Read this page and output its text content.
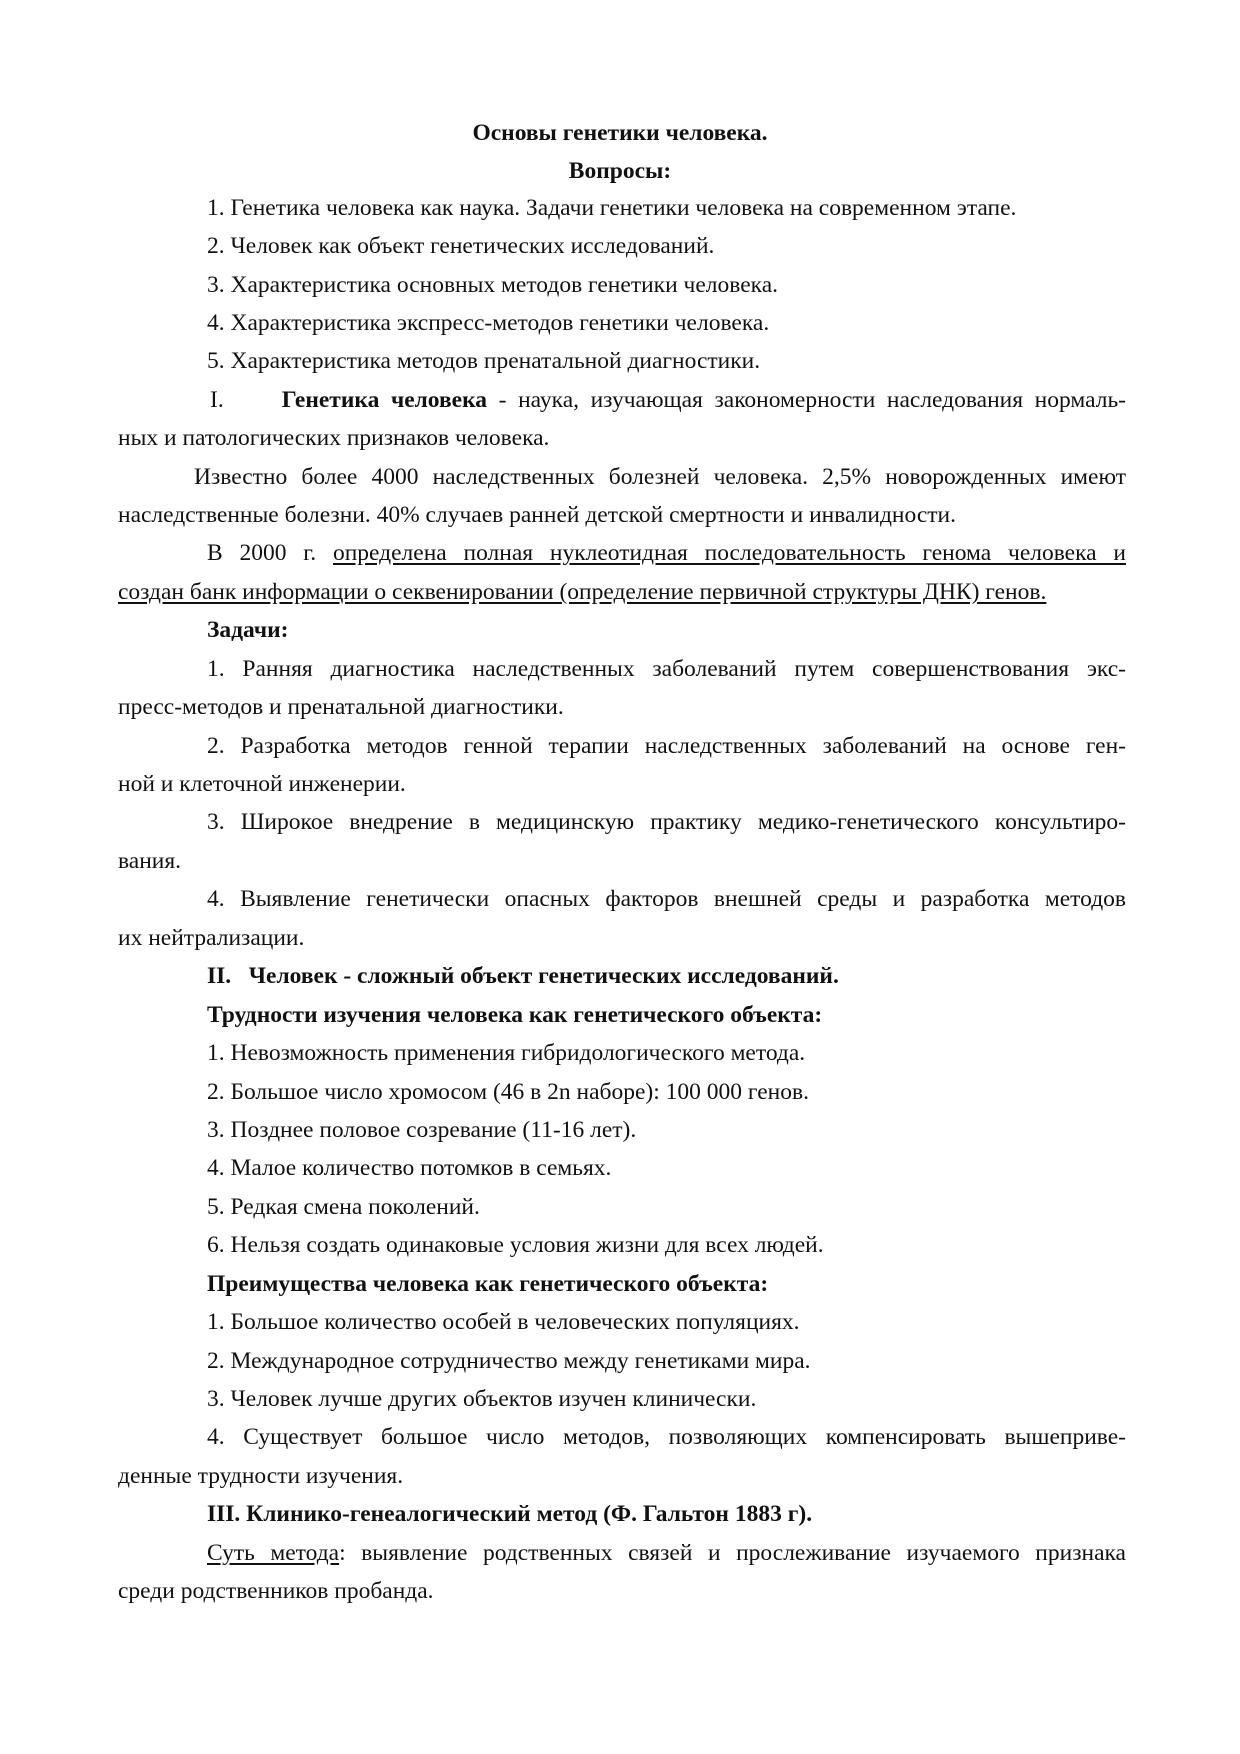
Основы генетики человека.
Вопросы:
1. Генетика человека как наука. Задачи генетики человека на современном этапе.
2. Человек как объект генетических исследований.
3. Характеристика основных методов генетики человека.
4. Характеристика экспресс-методов генетики человека.
5. Характеристика методов пренатальной диагностики.
I. Генетика человека - наука, изучающая закономерности наследования нормаль-
ных и патологических признаков человека.
Известно более 4000 наследственных болезней человека. 2,5% новорожденных имеют
наследственные болезни. 40% случаев ранней детской смертности и инвалидности.
В 2000 г. определена полная нуклеотидная последовательность генома человека и
создан банк информации о секвенировании (определение первичной структуры ДНК) генов.
Задачи:
1. Ранняя диагностика наследственных заболеваний путем совершенствования экс-
пресс-методов и пренатальной диагностики.
2. Разработка методов генной терапии наследственных заболеваний на основе ген-
ной и клеточной инженерии.
3. Широкое внедрение в медицинскую практику медико-генетического консультиро-
вания.
4. Выявление генетически опасных факторов внешней среды и разработка методов
их нейтрализации.
II.   Человек - сложный объект генетических исследований.
Трудности изучения человека как генетического объекта:
1. Невозможность применения гибридологического метода.
2. Большое число хромосом (46 в 2n наборе): 100 000 генов.
3. Позднее половое созревание (11-16 лет).
4. Малое количество потомков в семьях.
5. Редкая смена поколений.
6. Нельзя создать одинаковые условия жизни для всех людей.
Преимущества человека как генетического объекта:
1. Большое количество особей в человеческих популяциях.
2. Международное сотрудничество между генетиками мира.
3. Человек лучше других объектов изучен клинически.
4. Существует большое число методов, позволяющих компенсировать вышеприве-
денные трудности изучения.
III. Клинико-генеалогический метод (Ф. Гальтон 1883 г).
Суть метода: выявление родственных связей и прослеживание изучаемого признака
среди родственников пробанда.
